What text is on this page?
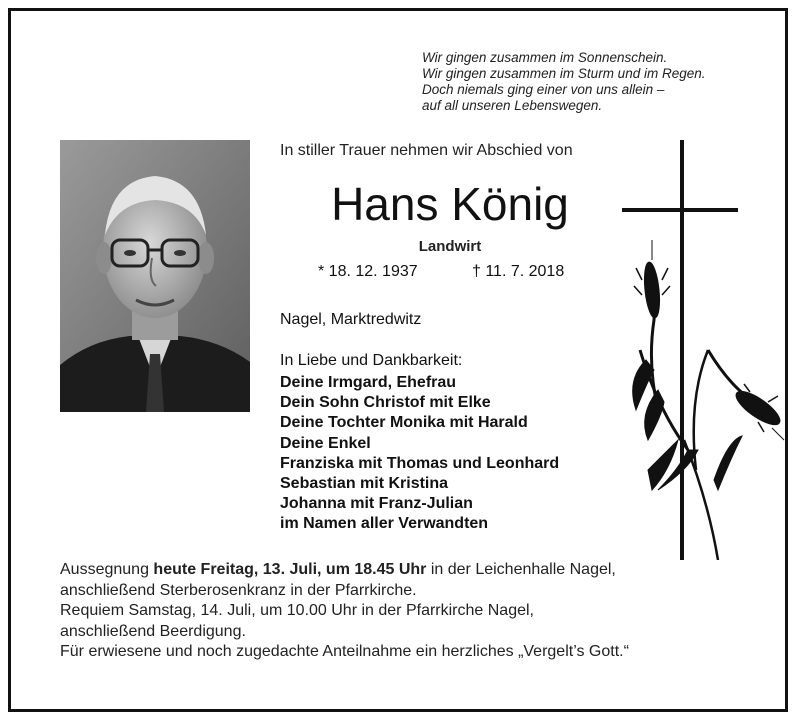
Wir gingen zusammen im Sonnenschein.
Wir gingen zusammen im Sturm und im Regen.
Doch niemals ging einer von uns allein –
auf all unseren Lebenswegen.
In stiller Trauer nehmen wir Abschied von
Hans König
Landwirt
* 18. 12. 1937	† 11. 7. 2018
Nagel, Marktredwitz
In Liebe und Dankbarkeit:
Deine Irmgard, Ehefrau
Dein Sohn Christof mit Elke
Deine Tochter Monika mit Harald
Deine Enkel
Franziska mit Thomas und Leonhard
Sebastian mit Kristina
Johanna mit Franz-Julian
im Namen aller Verwandten

Aussegnung heute Freitag, 13. Juli, um 18.45 Uhr in der Leichenhalle Nagel,
anschließend Sterberosenkranz in der Pfarrkirche.

Requiem Samstag, 14. Juli, um 10.00 Uhr in der Pfarrkirche Nagel,
anschließend Beerdigung.

Für erwiesene und noch zugedachte Anteilnahme ein herzliches „Vergelt’s Gott.“
